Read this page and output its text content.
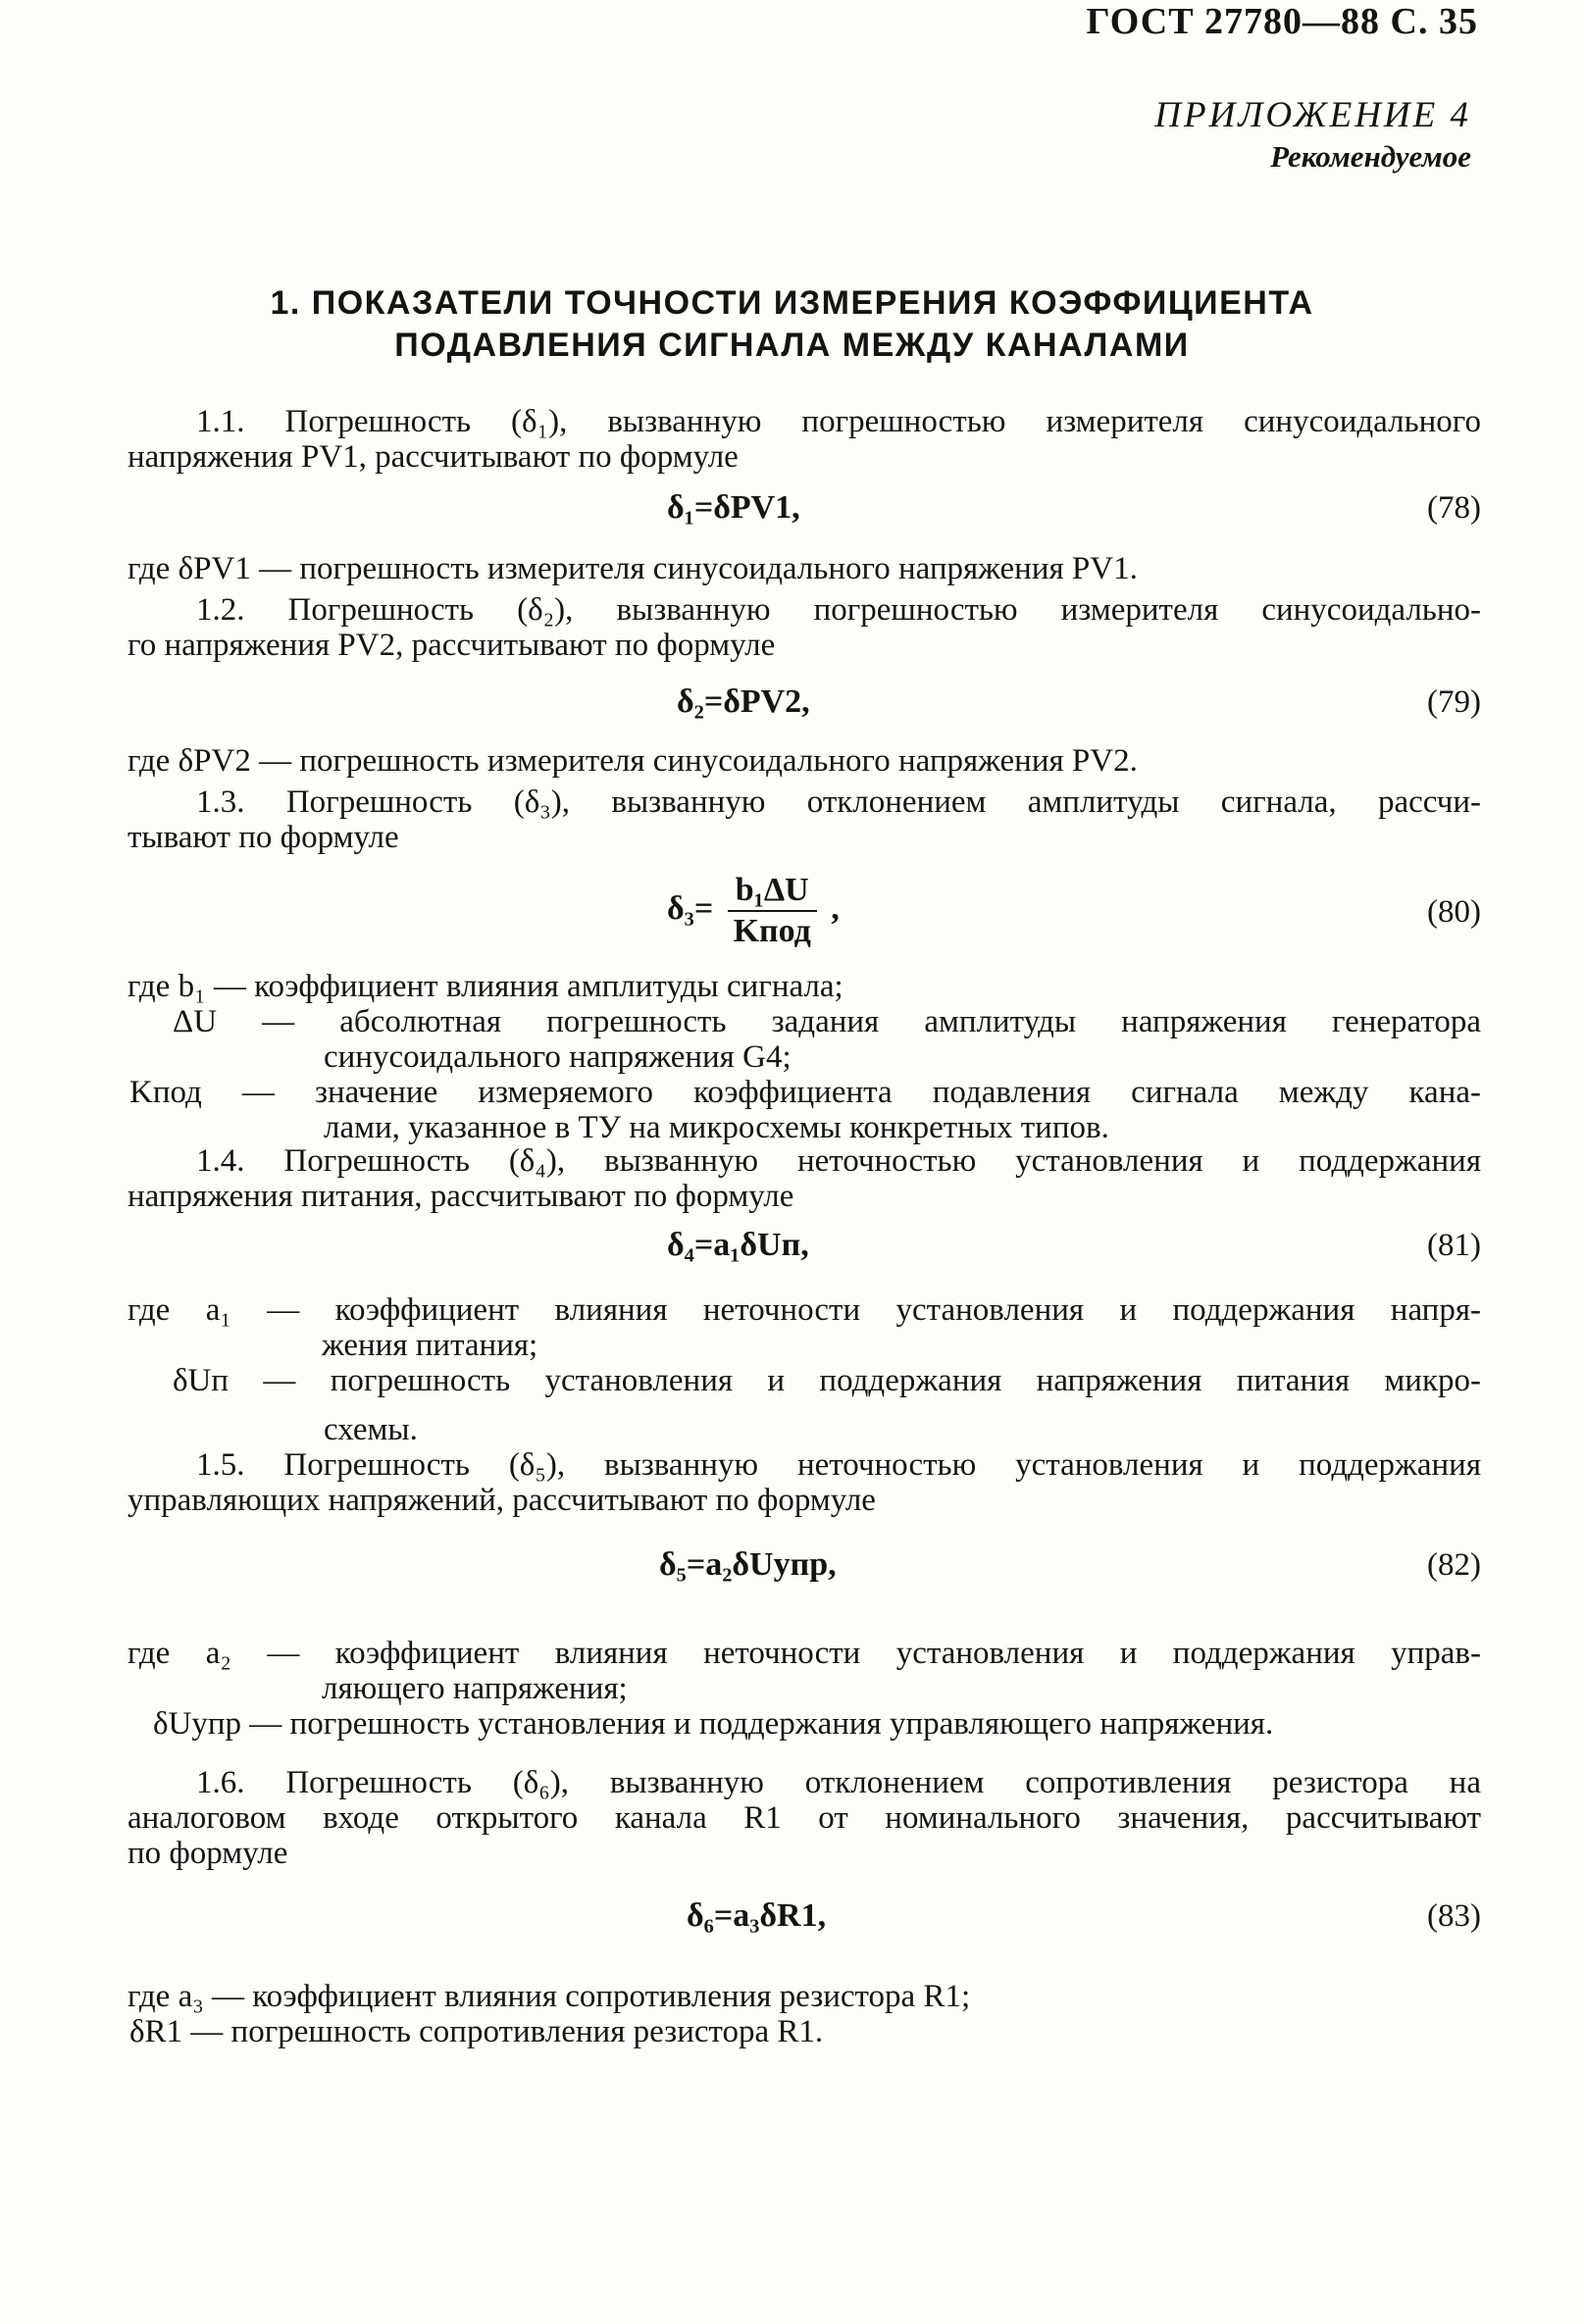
ГОСТ 27780—88 С. 35
ПРИЛОЖЕНИЕ 4
Рекомендуемое
1. ПОКАЗАТЕЛИ ТОЧНОСТИ ИЗМЕРЕНИЯ КОЭФФИЦИЕНТА
ПОДАВЛЕНИЯ СИГНАЛА МЕЖДУ КАНАЛАМИ
1.1. Погрешность (δ₁), вызванную погрешностью измерителя синусоидального
напряжения PV1, рассчитывают по формуле
δ₁=δPV1,	(78)
где δPV1 — погрешность измерителя синусоидального напряжения PV1.
1.2. Погрешность (δ₂), вызванную погрешностью измерителя синусоидально-
го напряжения PV2, рассчитывают по формуле
δ₂=δPV2,	(79)
где δPV2 — погрешность измерителя синусоидального напряжения PV2.
1.3. Погрешность (δ₃), вызванную отклонением амплитуды сигнала, рассчи-
тывают по формуле
$\delta_3= \frac{\text{b₁ΔU}}{\text{Kпод}}$ ,	(80)
где b₁ — коэффициент влияния амплитуды сигнала;
ΔU — абсолютная погрешность задания амплитуды напряжения генератора
синусоидального напряжения G4;
Kпод — значение измеряемого коэффициента подавления сигнала между кана-
лами, указанное в ТУ на микросхемы конкретных типов.
1.4. Погрешность (δ₄), вызванную неточностью установления и поддержания
напряжения питания, рассчитывают по формуле
δ₄=a₁δUп,	(81)
где a₁ — коэффициент влияния неточности установления и поддержания напря-
жения питания;
δUп — погрешность установления и поддержания напряжения питания микро-
схемы.
1.5. Погрешность (δ₅), вызванную неточностью установления и поддержания
управляющих напряжений, рассчитывают по формуле
δ₅=a₂δUупр,	(82)
где a₂ — коэффициент влияния неточности установления и поддержания управ-
ляющего напряжения;
δUупр — погрешность установления и поддержания управляющего напряжения.
1.6. Погрешность (δ₆), вызванную отклонением сопротивления резистора на
аналоговом входе открытого канала R1 от номинального значения, рассчитывают
по формуле
δ₆=a₃δR1,	(83)
где a₃ — коэффициент влияния сопротивления резистора R1;
δR1 — погрешность сопротивления резистора R1.
